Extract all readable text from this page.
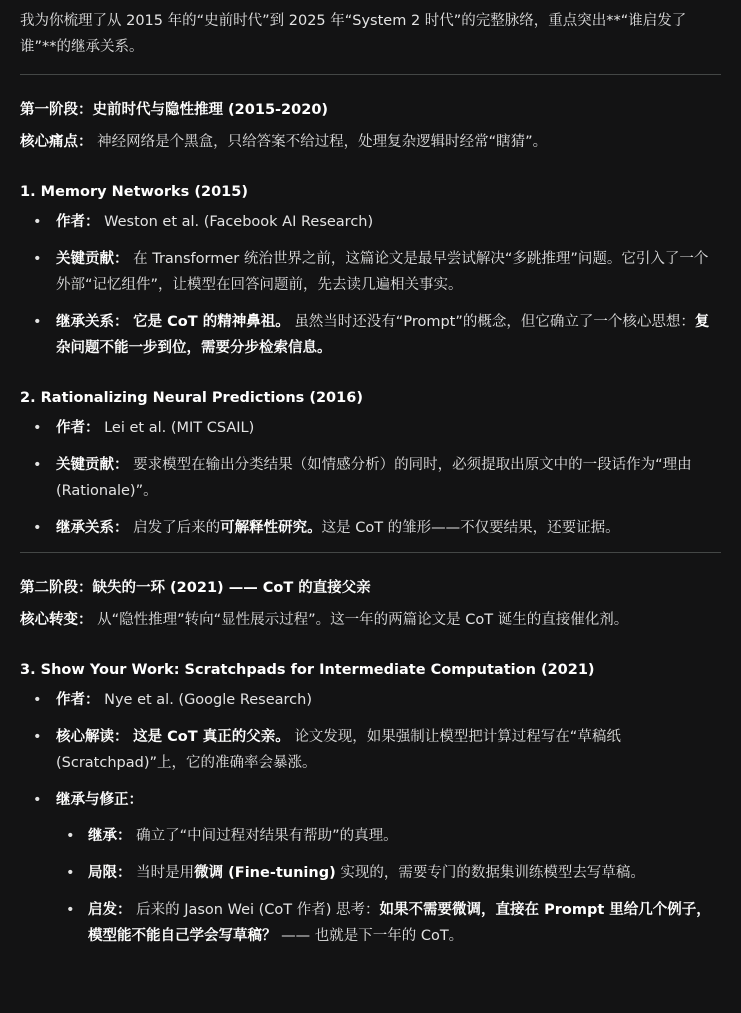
我为你梳理了从 2015 年的“史前时代”到 2025 年“System 2 时代”的完整脉络，重点突出**“谁启发了谁”**的继承关系。
第一阶段：史前时代与隐性推理 (2015-2020)
核心痛点： 神经网络是个黑盒，只给答案不给过程，处理复杂逻辑时经常“瞎猜”。
1. Memory Networks (2015)
• 作者： Weston et al. (Facebook AI Research)
• 关键贡献： 在 Transformer 统治世界之前，这篇论文是最早尝试解决“多跳推理”问题。它引入了一个外部“记忆组件”，让模型在回答问题前，先去读几遍相关事实。
• 继承关系： 它是 CoT 的精神鼻祖。 虽然当时还没有“Prompt”的概念，但它确立了一个核心思想：复杂问题不能一步到位，需要分步检索信息。
2. Rationalizing Neural Predictions (2016)
• 作者： Lei et al. (MIT CSAIL)
• 关键贡献： 要求模型在输出分类结果（如情感分析）的同时，必须提取出原文中的一段话作为“理由 (Rationale)”。
• 继承关系： 启发了后来的可解释性研究。这是 CoT 的雏形——不仅要结果，还要证据。
第二阶段：缺失的一环 (2021) —— CoT 的直接父亲
核心转变： 从“隐性推理”转向“显性展示过程”。这一年的两篇论文是 CoT 诞生的直接催化剂。
3. Show Your Work: Scratchpads for Intermediate Computation (2021)
• 作者： Nye et al. (Google Research)
• 核心解读： 这是 CoT 真正的父亲。 论文发现，如果强制让模型把计算过程写在“草稿纸 (Scratchpad)”上，它的准确率会暴涨。
• 继承与修正：
• 继承： 确立了“中间过程对结果有帮助”的真理。
• 局限： 当时是用微调 (Fine-tuning) 实现的，需要专门的数据集训练模型去写草稿。
• 启发： 后来的 Jason Wei (CoT 作者) 思考：如果不需要微调，直接在 Prompt 里给几个例子，模型能不能自己学会写草稿？ —— 也就是下一年的 CoT。
